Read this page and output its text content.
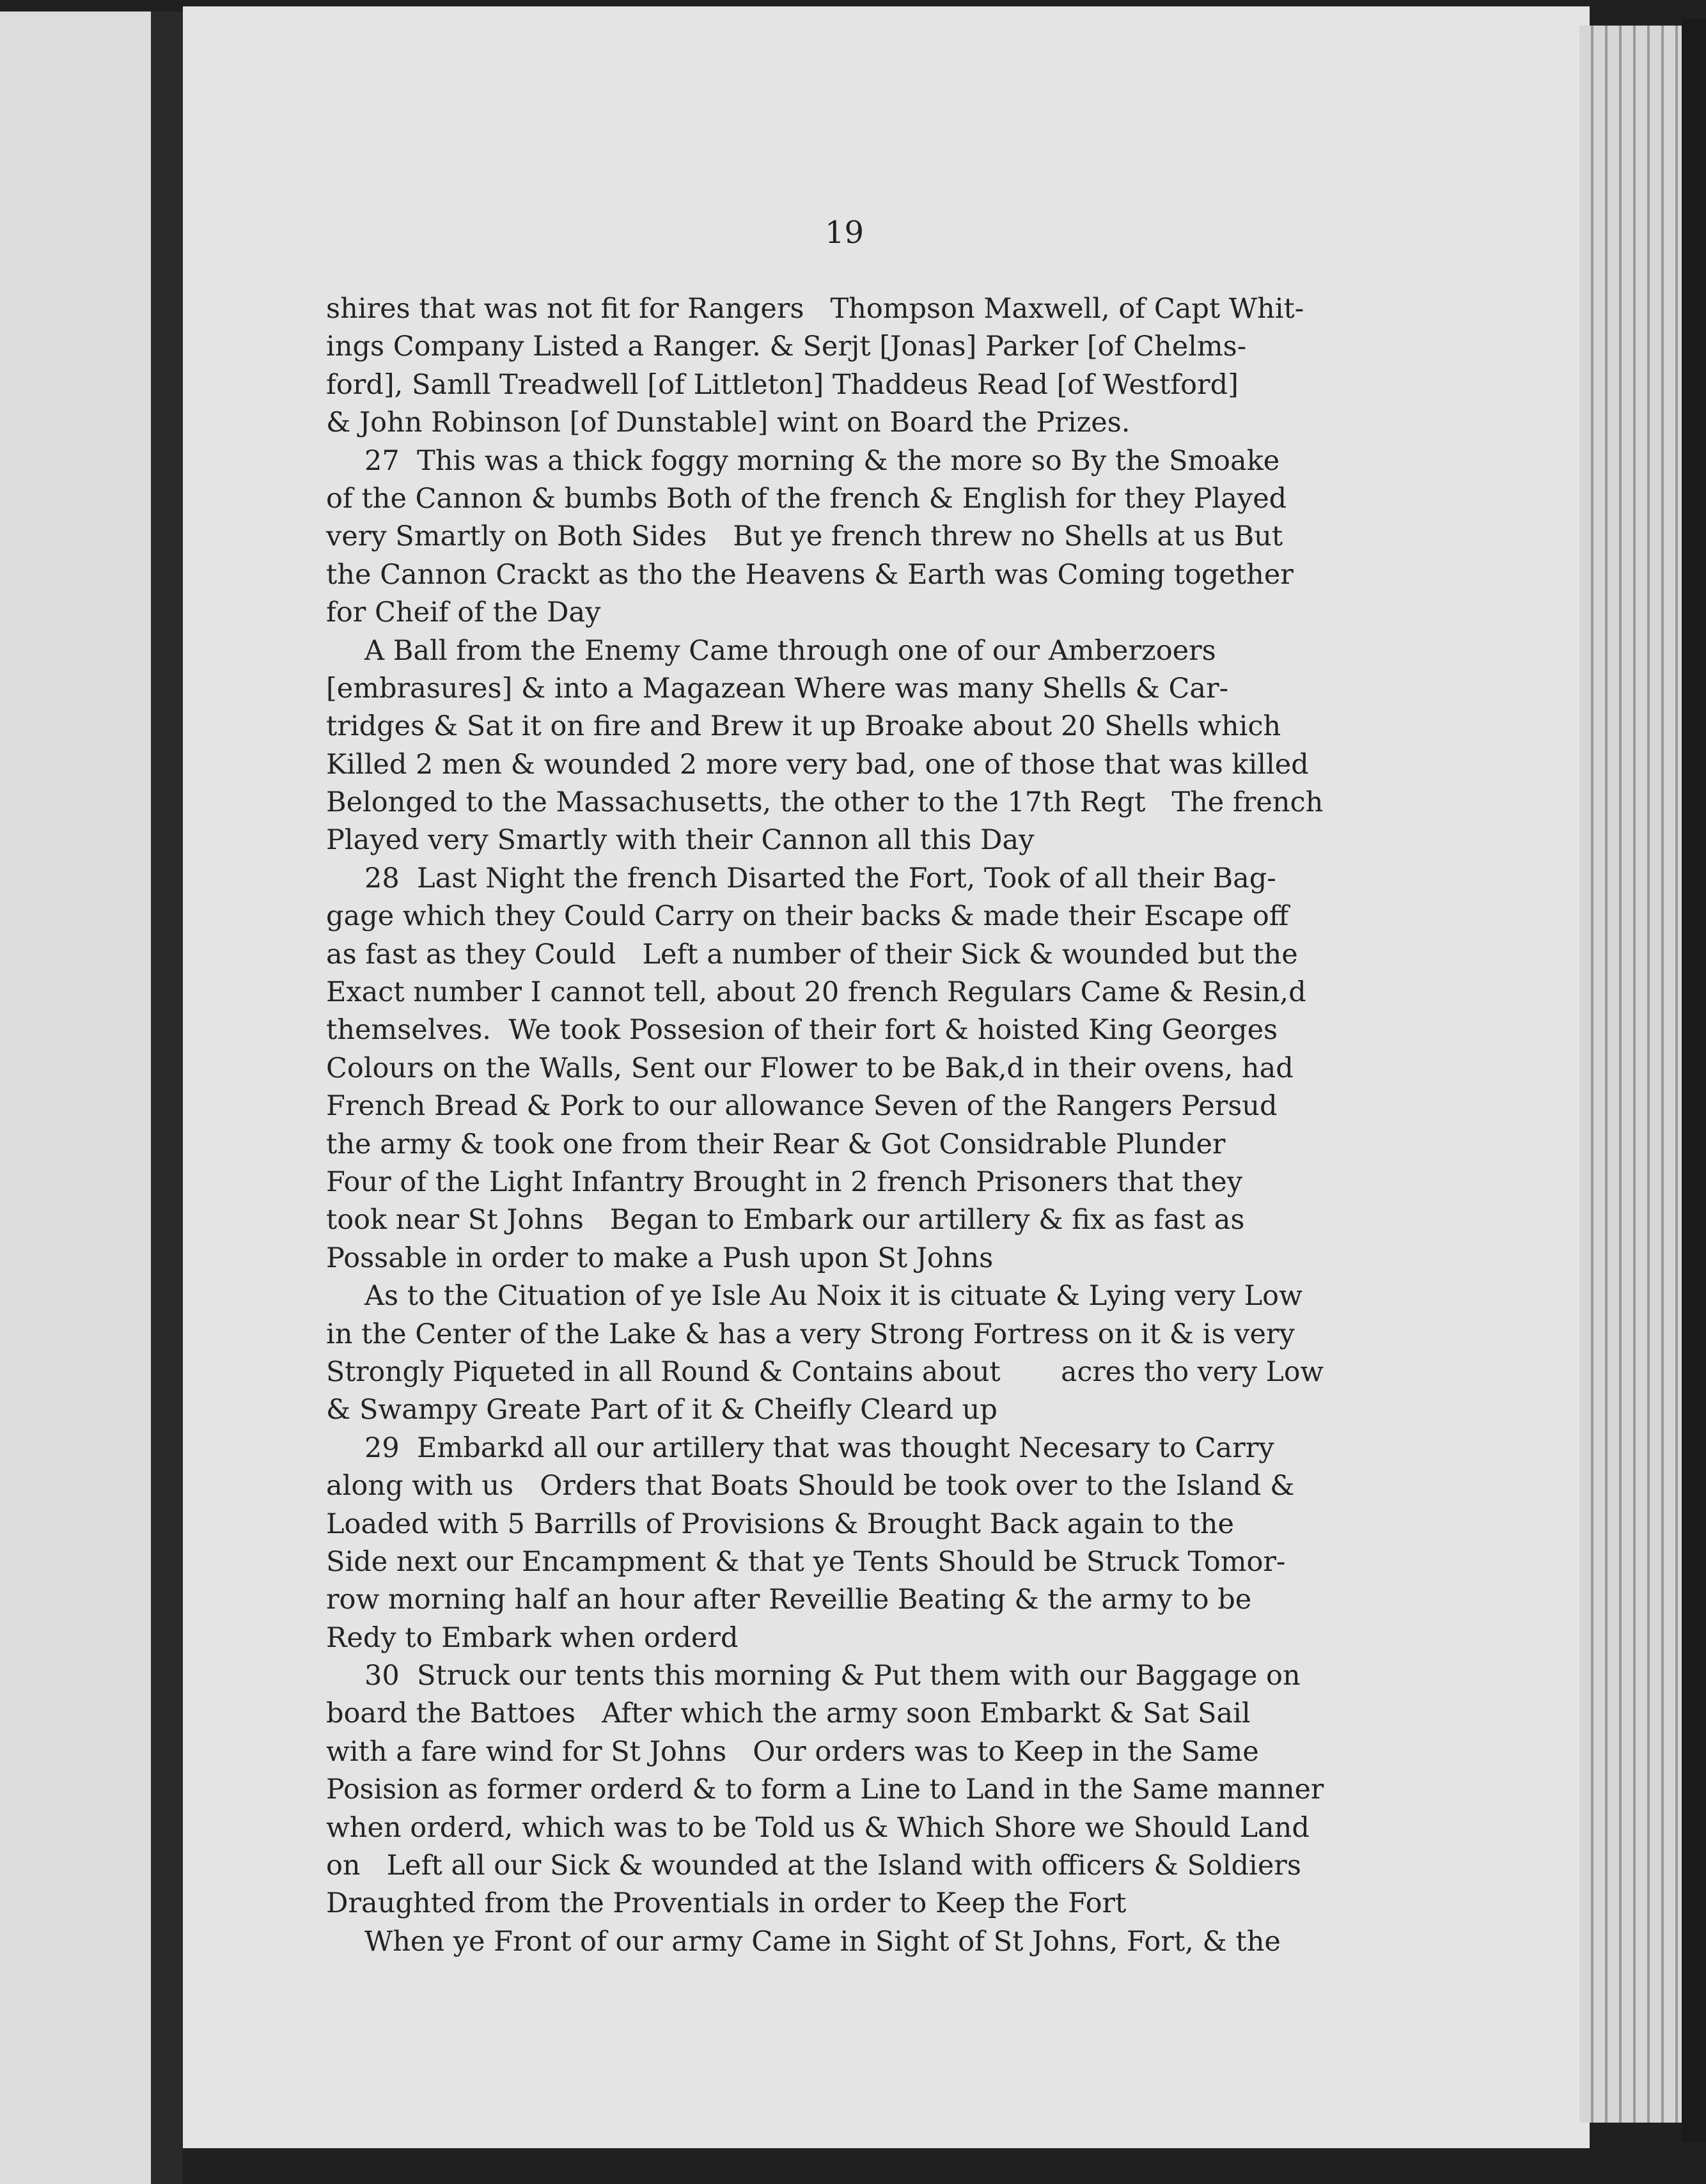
19
shires that was not fit for Rangers   Thompson Maxwell, of Capt Whit-
ings Company Listed a Ranger. & Serjt [Jonas] Parker [of Chelms-
ford], Samll Treadwell [of Littleton] Thaddeus Read [of Westford]
& John Robinson [of Dunstable] wint on Board the Prizes.
27  This was a thick foggy morning & the more so By the Smoake
of the Cannon & bumbs Both of the french & English for they Played
very Smartly on Both Sides   But ye french threw no Shells at us But
the Cannon Crackt as tho the Heavens & Earth was Coming together
for Cheif of the Day
A Ball from the Enemy Came through one of our Amberzoers
[embrasures] & into a Magazean Where was many Shells & Car-
tridges & Sat it on fire and Brew it up Broake about 20 Shells which
Killed 2 men & wounded 2 more very bad, one of those that was killed
Belonged to the Massachusetts, the other to the 17th Regt   The french
Played very Smartly with their Cannon all this Day
28  Last Night the french Disarted the Fort, Took of all their Bag-
gage which they Could Carry on their backs & made their Escape off
as fast as they Could   Left a number of their Sick & wounded but the
Exact number I cannot tell, about 20 french Regulars Came & Resin,d
themselves.  We took Possesion of their fort & hoisted King Georges
Colours on the Walls, Sent our Flower to be Bak,d in their ovens, had
French Bread & Pork to our allowance Seven of the Rangers Persud
the army & took one from their Rear & Got Considrable Plunder
Four of the Light Infantry Brought in 2 french Prisoners that they
took near St Johns   Began to Embark our artillery & fix as fast as
Possable in order to make a Push upon St Johns
As to the Cituation of ye Isle Au Noix it is cituate & Lying very Low
in the Center of the Lake & has a very Strong Fortress on it & is very
Strongly Piqueted in all Round & Contains about       acres tho very Low
& Swampy Greate Part of it & Cheifly Cleard up
29  Embarkd all our artillery that was thought Necesary to Carry
along with us   Orders that Boats Should be took over to the Island &
Loaded with 5 Barrills of Provisions & Brought Back again to the
Side next our Encampment & that ye Tents Should be Struck Tomor-
row morning half an hour after Reveillie Beating & the army to be
Redy to Embark when orderd
30  Struck our tents this morning & Put them with our Baggage on
board the Battoes   After which the army soon Embarkt & Sat Sail
with a fare wind for St Johns   Our orders was to Keep in the Same
Posision as former orderd & to form a Line to Land in the Same manner
when orderd, which was to be Told us & Which Shore we Should Land
on   Left all our Sick & wounded at the Island with officers & Soldiers
Draughted from the Proventials in order to Keep the Fort
When ye Front of our army Came in Sight of St Johns, Fort, & the
